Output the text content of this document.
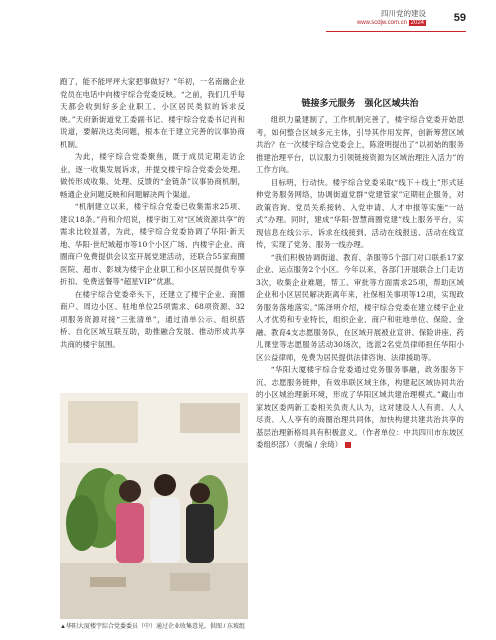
四川党的建设
www.scdjw.com.cn 2024	59

跑了，能不能坪坪大家把事做好？”年初，一名南幽企业党员在电话中向楼宇综合党委反映。“之前，我们几乎每天都会收到好多企业职工、小区居民类似的诉求反映。”天府新街道党工委副书记、楼宇综合党委书记肖和说道，要解决这类问题，根本在于建立完善的议事协商机制。

为此，楼宇综合党委聚焦，既于成员定期走访企业，逐一收集发展诉求，并提交楼宇综合党委会处理。做传形成收集、处理、反馈的“金链条”议事协商机制，畅通企业问题反映和问题解决两个渠道。

“机制建立以来，楼宇综合党委已收集需求25项、建议18条。”肖和介绍说，楼宇街工对“区域资源共享”的需求比较显著，为此，楼宇综合党委协调了华阳·新天地、华阳·世纪城超市等10个小区广场、内楼宇企业、商圈商户免费提供会议室开展党建活动，还联合55家商圈医院、超市、影城为楼宇企业职工和小区居民提供专享折扣、免费送餐等“超星VIP”优惠。

在楼宇综合党委牵头下，还建立了楼宇企业、商圈商户、周边小区、驻地单位25项需求、68项资源、32项服务资源对接“三张清单”，通过清单公示、组织搭桥、自化区域互联互助，助推融合发展、推动形成共享共商的楼宇氛围。

链接多元服务　强化区域共治

组织力量建制了，工作机制完善了，楼宇综合党委开始思考，如何整合区域多元主体，引导其作用发挥，创新筹营区域共治？在一次楼宇综合党委会上，陈澄明提出了“以初始的服务推建治理平台，以议服力引领链接资源为区域治理注入活力”的工作方向。

目标明，行动快。楼宇综合党委采取“线下＋线上”形式延伸党务服务网络，协调街道党群“党建管家”定期驻企服务，对政策咨询、党员关系接转、入党申请、人才申报等实施“一站式”办理。同时，建成“华阳·智慧商圈党建”线上服务平台，实现信息在线公示、诉求在线接到、活动在线报送、活动在线宣传，实现了党务、服务一线办理。

“我们积极协调街道、教育、条服等5个部门对口联系17家企业、运点服务2个小区。今年以来，各部门开展联合上门走访3次，收集企业难题，帮工、审批等方面需求25项，帮助区域企业和小区居民解决距离年来，社保相关事项等12项，实现政务服务落地落实。”陈泽明介绍，楼宇综合党委在建立楼宇企业人才优势和专业特长，组织企业、商户和驻地单位、保险、金融、教育4支志愿服务队，在区域开展被业宣讲、保险讲座、药儿课堂等志愿服务活动30场次，选派2名党员律师担任华阳小区公益律师，免费为居民提供法律咨询、法律援助等。

“华阳大厦楼宇综合党委通过党务服务事融，政务服务下沉、志愿服务链伸，有效串联区域主体，构建起区域协同共治的小区城治理新环境，形成了华阳区域共建治理模式。”藏山市家坡区委两新工委相关负责人认为，这对建设人人有责、人人尽责、人人享有的商圈治理共同体，加快构建共建共治共享的基层治理新格局具有积极意义。（作者单位：中共四川市东坡区委组织部）（责编 / 余琦）

▲华阳大厦楼宇综合党委委员（中）通过企业收集意见。供图 / 东坡组
